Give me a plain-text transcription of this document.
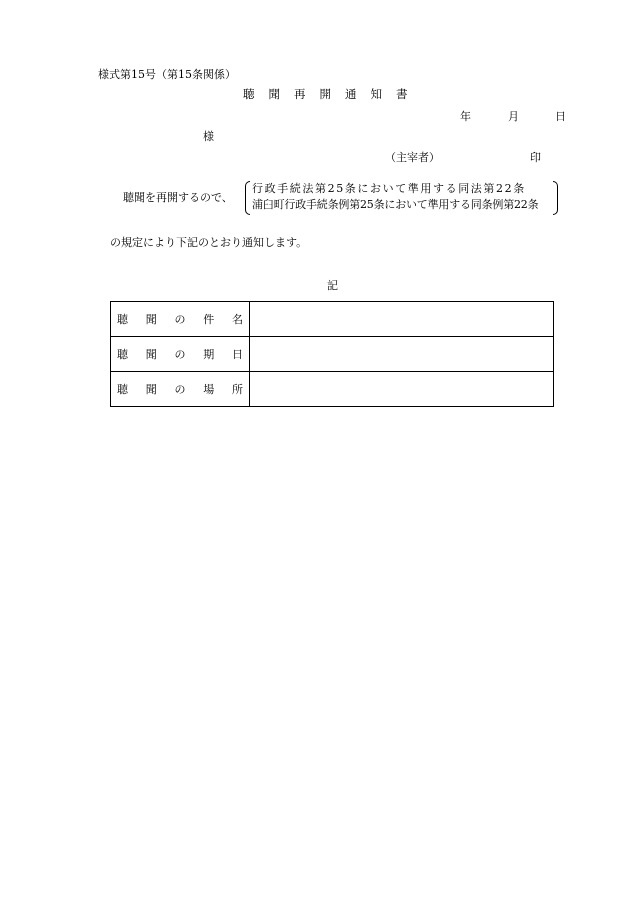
様式第15号（第15条関係）
聴聞再開通知書
年	月	日
様
（主宰者）	印
聴聞を再開するので、
行政手続法第25条において準用する同法第22条
浦臼町行政手続条例第25条において準用する同条例第22条
の規定により下記のとおり通知します。
記
聴聞の件名	

聴聞の期日	

聴聞の場所	
